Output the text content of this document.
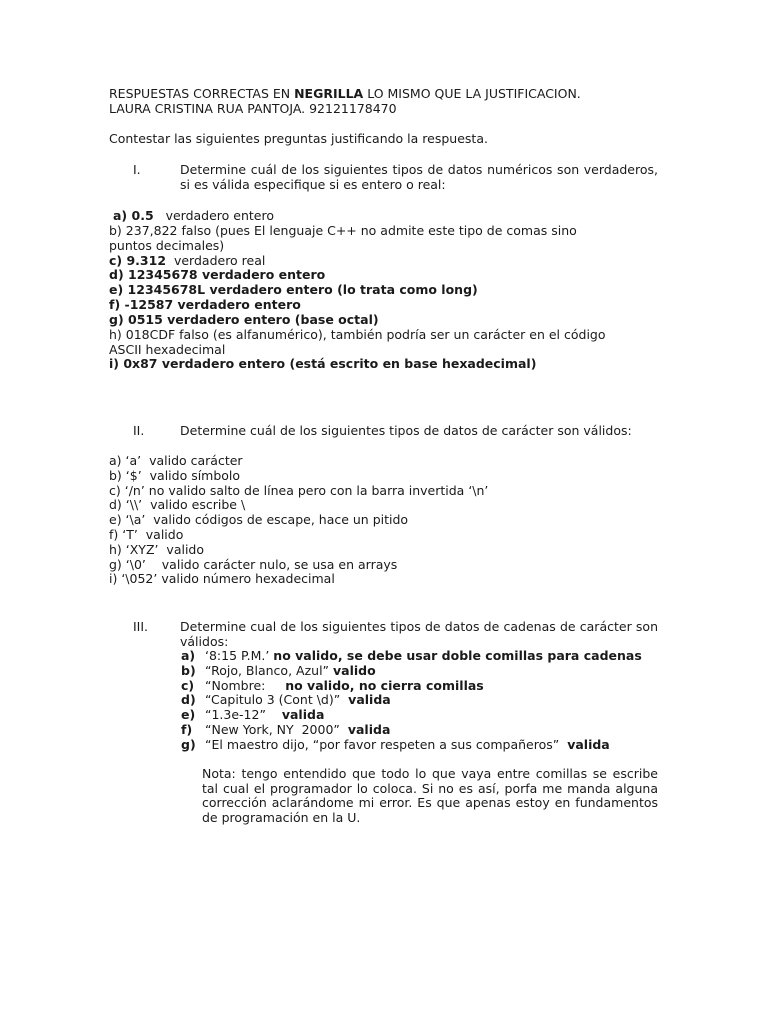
RESPUESTAS CORRECTAS EN NEGRILLA LO MISMO QUE LA JUSTIFICACION.
LAURA CRISTINA RUA PANTOJA. 92121178470
Contestar las siguientes preguntas justificando la respuesta.
I.	Determine cuál de los siguientes tipos de datos numéricos son verdaderos, si es válida especifique si es entero o real:
a) 0.5   verdadero entero
b) 237,822 falso (pues El lenguaje C++ no admite este tipo de comas sino
puntos decimales)
c) 9.312  verdadero real
d) 12345678 verdadero entero
e) 12345678L verdadero entero (lo trata como long)
f) -12587 verdadero entero
g) 0515 verdadero entero (base octal)
h) 018CDF falso (es alfanumérico), también podría ser un carácter en el código
ASCII hexadecimal
i) 0x87 verdadero entero (está escrito en base hexadecimal)
II.	Determine cuál de los siguientes tipos de datos de carácter son válidos:
a) ‘a’  valido carácter
b) ‘$’  valido símbolo
c) ‘/n’ no valido salto de línea pero con la barra invertida ‘\n’
d) ‘\\’  valido escribe \
e) ‘\a’  valido códigos de escape, hace un pitido
f) ‘T’  valido
h) ‘XYZ’  valido
g) ‘\0’    valido carácter nulo, se usa en arrays
i) ‘\052’ valido número hexadecimal
III.	Determine cual de los siguientes tipos de datos de cadenas de carácter son válidos:
a) ‘8:15 P.M.’ no valido, se debe usar doble comillas para cadenas
b) “Rojo, Blanco, Azul” valido
c) “Nombre:     no valido, no cierra comillas
d) “Capitulo 3 (Cont \d)”  valida
e) “1.3e-12”    valida
f) “New York, NY  2000”  valida
g) “El maestro dijo, “por favor respeten a sus compañeros”  valida
Nota: tengo entendido que todo lo que vaya entre comillas se escribe tal cual el programador lo coloca. Si no es así, porfa me manda alguna corrección aclarándome mi error. Es que apenas estoy en fundamentos de programación en la U.
